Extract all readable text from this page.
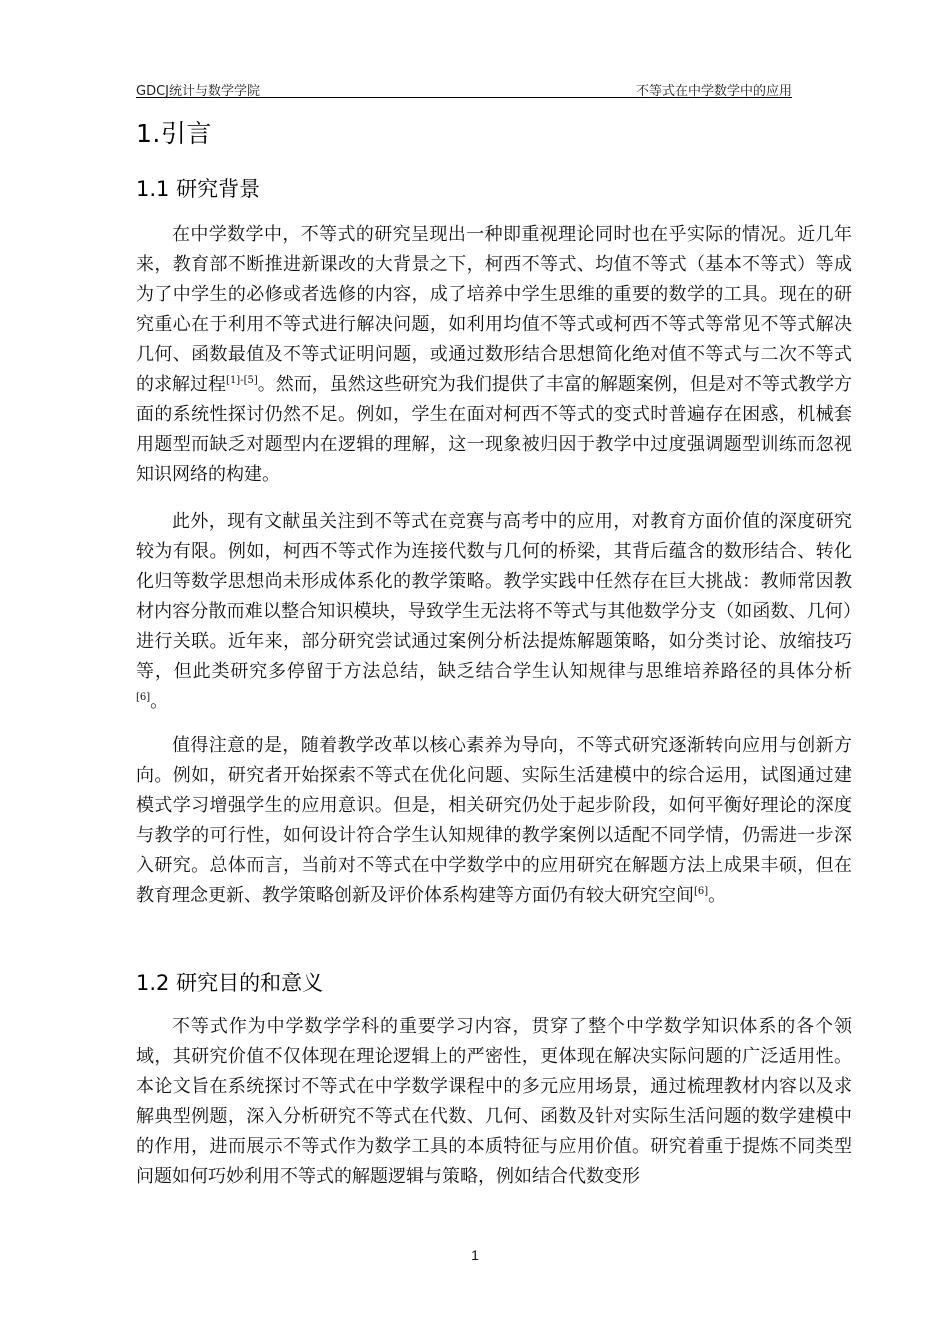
GDCJ统计与数学学院	不等式在中学数学中的应用
1.引言
1.1 研究背景

在中学数学中，不等式的研究呈现出一种即重视理论同时也在乎实际的情况。近几年来，教育部不断推进新课改的大背景之下，柯西不等式、均值不等式（基本不等式）等成为了中学生的必修或者选修的内容，成了培养中学生思维的重要的数学的工具。现在的研究重心在于利用不等式进行解决问题，如利用均值不等式或柯西不等式等常见不等式解决几何、函数最值及不等式证明问题，或通过数形结合思想简化绝对值不等式与二次不等式的求解过程[1]-[5]。然而，虽然这些研究为我们提供了丰富的解题案例，但是对不等式教学方面的系统性探讨仍然不足。例如，学生在面对柯西不等式的变式时普遍存在困惑，机械套用题型而缺乏对题型内在逻辑的理解，这一现象被归因于教学中过度强调题型训练而忽视知识网络的构建。

此外，现有文献虽关注到不等式在竞赛与高考中的应用，对教育方面价值的深度研究较为有限。例如，柯西不等式作为连接代数与几何的桥梁，其背后蕴含的数形结合、转化化归等数学思想尚未形成体系化的教学策略。教学实践中任然存在巨大挑战：教师常因教材内容分散而难以整合知识模块，导致学生无法将不等式与其他数学分支（如函数、几何）进行关联。近年来，部分研究尝试通过案例分析法提炼解题策略，如分类讨论、放缩技巧等，但此类研究多停留于方法总结，缺乏结合学生认知规律与思维培养路径的具体分析[6]。

值得注意的是，随着教学改革以核心素养为导向，不等式研究逐渐转向应用与创新方向。例如，研究者开始探索不等式在优化问题、实际生活建模中的综合运用，试图通过建模式学习增强学生的应用意识。但是，相关研究仍处于起步阶段，如何平衡好理论的深度与教学的可行性，如何设计符合学生认知规律的教学案例以适配不同学情，仍需进一步深入研究。总体而言，当前对不等式在中学数学中的应用研究在解题方法上成果丰硕，但在教育理念更新、教学策略创新及评价体系构建等方面仍有较大研究空间[6]。

1.2 研究目的和意义

不等式作为中学数学学科的重要学习内容，贯穿了整个中学数学知识体系的各个领域，其研究价值不仅体现在理论逻辑上的严密性，更体现在解决实际问题的广泛适用性。本论文旨在系统探讨不等式在中学数学课程中的多元应用场景，通过梳理教材内容以及求解典型例题，深入分析研究不等式在代数、几何、函数及针对实际生活问题的数学建模中的作用，进而展示不等式作为数学工具的本质特征与应用价值。研究着重于提炼不同类型问题如何巧妙利用不等式的解题逻辑与策略，例如结合代数变形

1
